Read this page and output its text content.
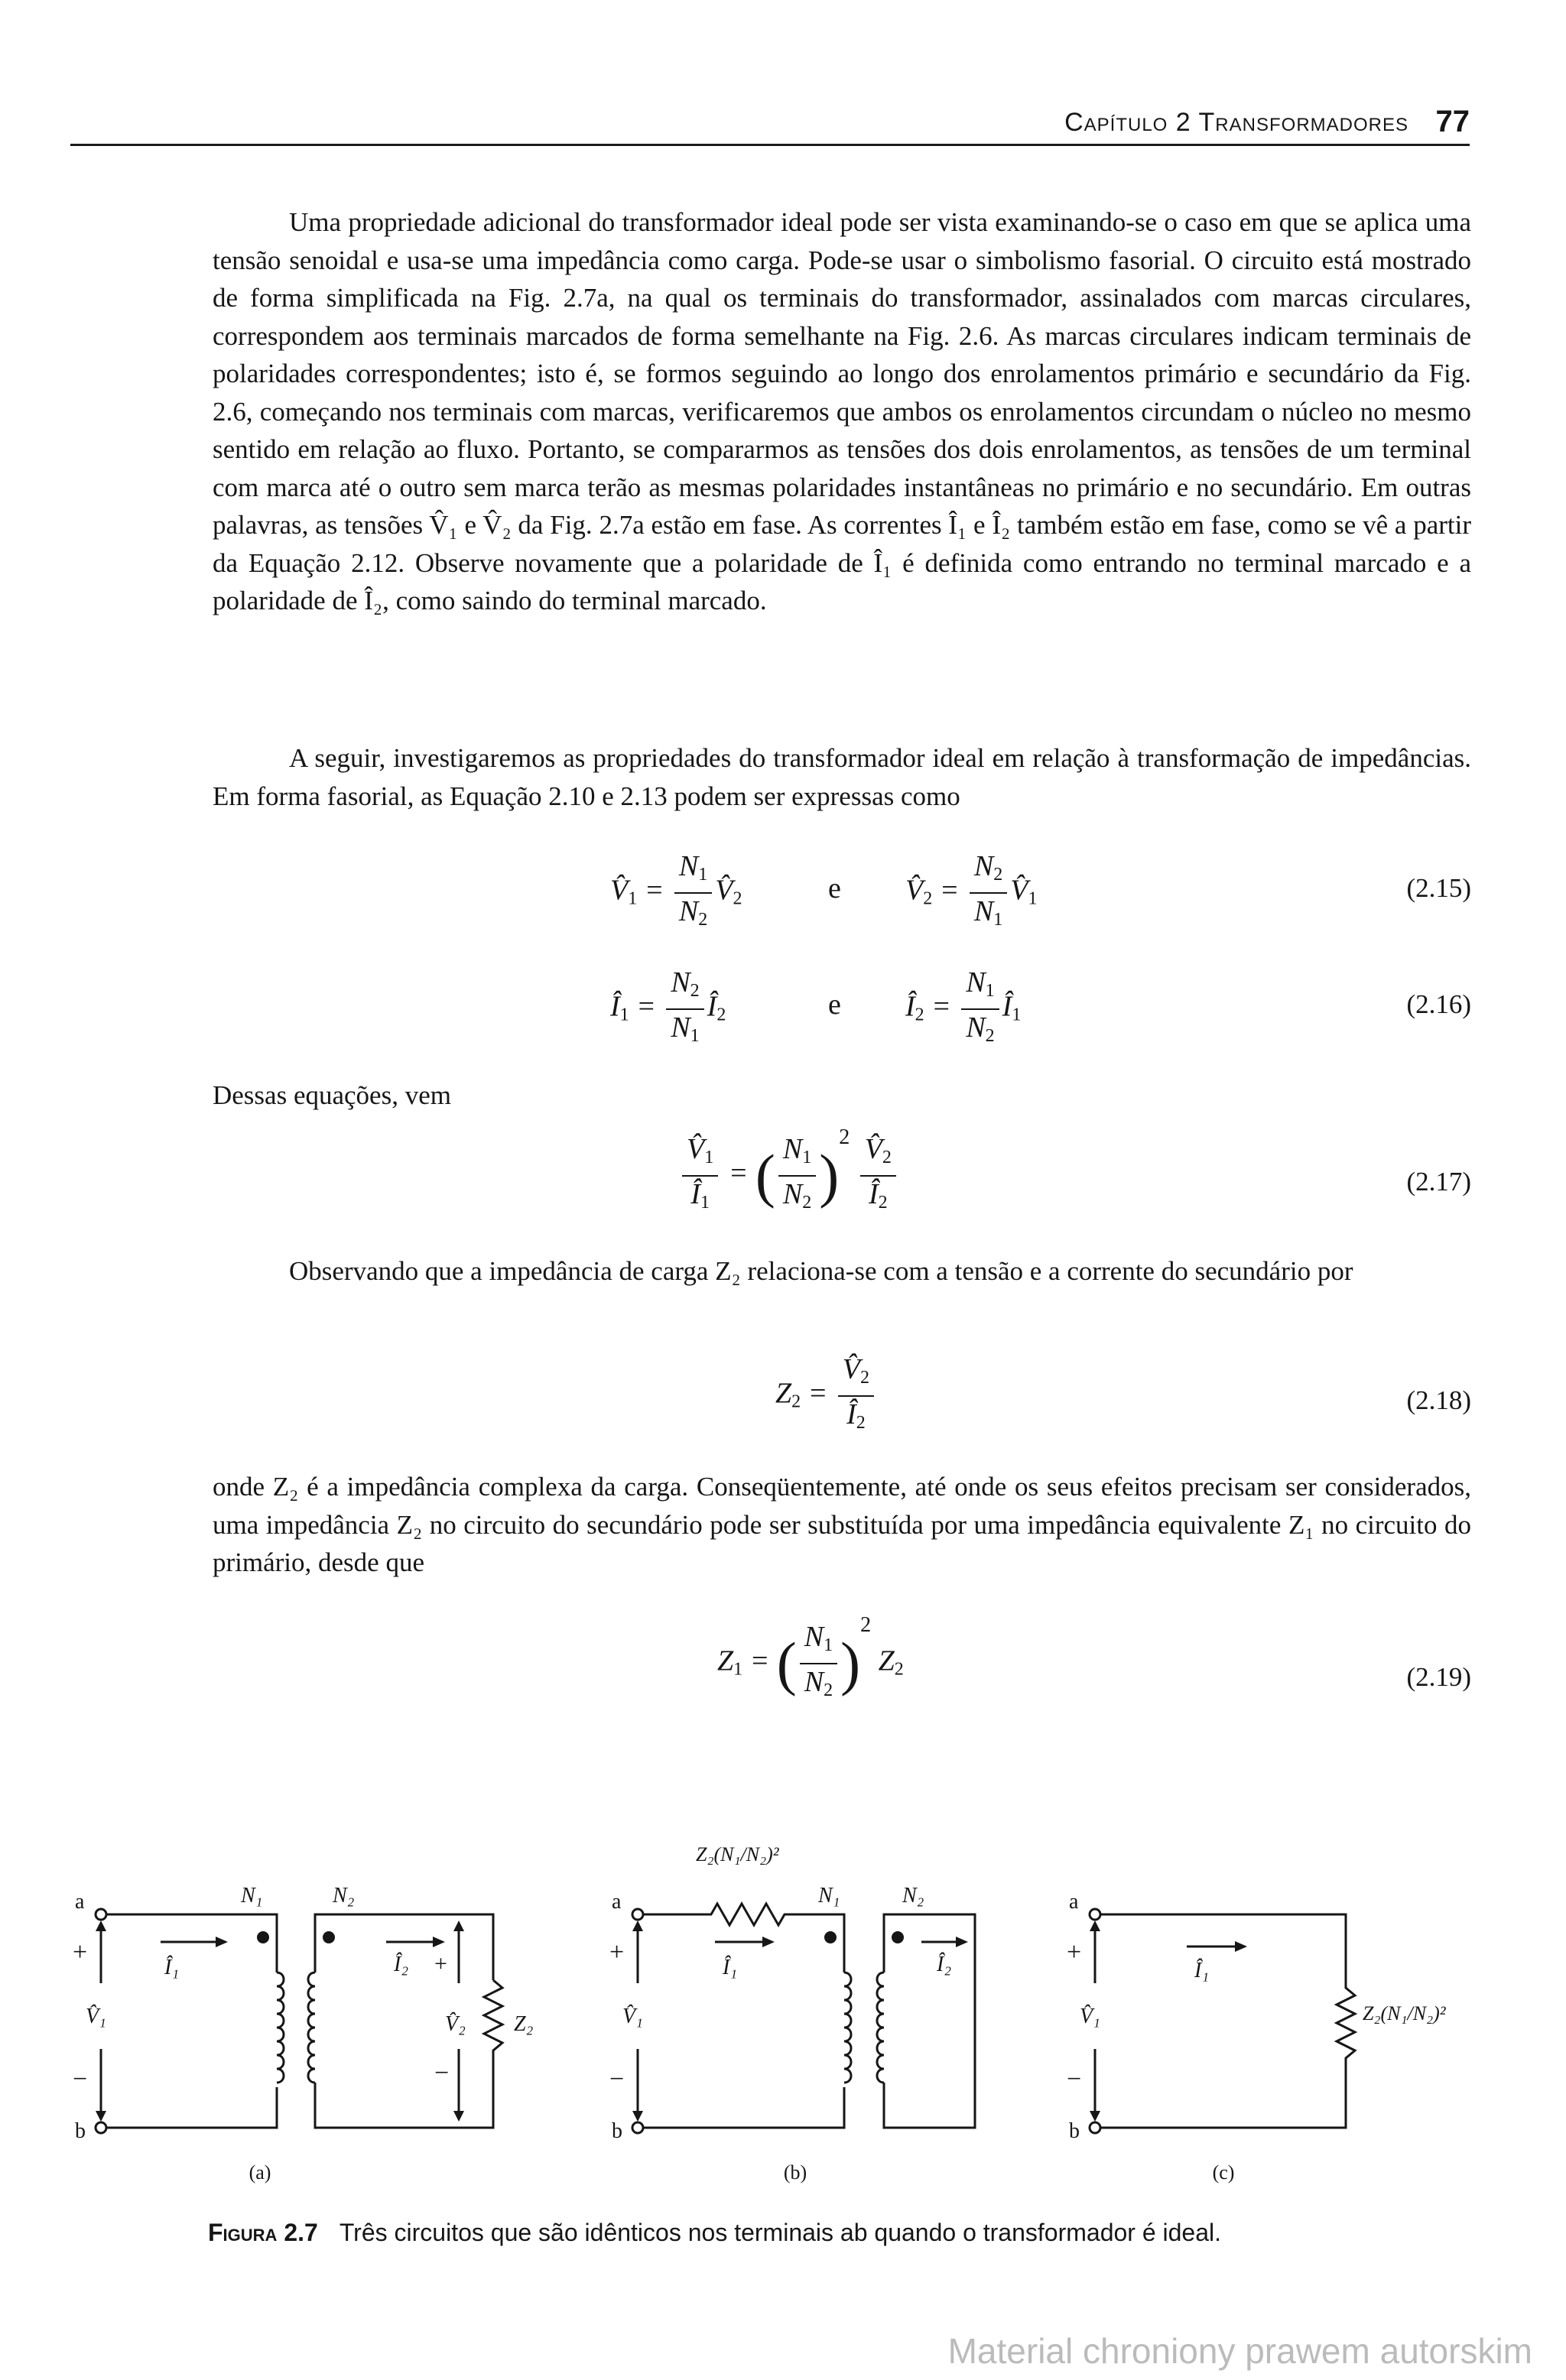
Capítulo 2 Transformadores 77

Uma propriedade adicional do transformador ideal pode ser vista examinando-se o caso em que se aplica uma tensão senoidal e usa-se uma impedância como carga. Pode-se usar o simbolismo fasorial. O circuito está mostrado de forma simplificada na Fig. 2.7a, na qual os terminais do transformador, assinalados com marcas circulares, correspondem aos terminais marcados de forma semelhante na Fig. 2.6. As marcas circulares indicam terminais de polaridades correspondentes; isto é, se formos seguindo ao longo dos enrolamentos primário e secundário da Fig. 2.6, começando nos terminais com marcas, verificaremos que ambos os enrolamentos circundam o núcleo no mesmo sentido em relação ao fluxo. Portanto, se compararmos as tensões dos dois enrolamentos, as tensões de um terminal com marca até o outro sem marca terão as mesmas polaridades instantâneas no primário e no secundário. Em outras palavras, as tensões V̂₁ e V̂₂ da Fig. 2.7a estão em fase. As correntes Î₁ e Î₂ também estão em fase, como se vê a partir da Equação 2.12. Observe novamente que a polaridade de Î₁ é definida como entrando no terminal marcado e a polaridade de Î₂, como saindo do terminal marcado.

A seguir, investigaremos as propriedades do transformador ideal em relação à transformação de impedâncias. Em forma fasorial, as Equação 2.10 e 2.13 podem ser expressas como

$V̂_1 = \frac{N_1}{N_2}$ $V̂_2$	e $V̂_2 = \frac{N_2}{N_1}$ $V̂_1$	(2.15)
$Î_1 = \frac{N_2}{N_1}$ $Î_2$	e $Î_2 = \frac{N_1}{N_2}$ $Î_1$	(2.16)

Dessas equações, vem

$\frac{V̂_1}{Î_1}$ = ( $\frac{N_1}{N_2} )^2 \frac{V̂_2}{Î_2}$	(2.17)

Observando que a impedância de carga Z₂ relaciona-se com a tensão e a corrente do secundário por

$Z_2 = \frac{V̂_2}{Î_2}$	(2.18)

onde Z₂ é a impedância complexa da carga. Conseqüentemente, até onde os seus efeitos precisam ser considerados, uma impedância Z₂ no circuito do secundário pode ser substituída por uma impedância equivalente Z₁ no circuito do primário, desde que

$Z_1$ = ( $\frac{N_1}{N_2} )^2$ $Z_2$	(2.19)
a
b
+
−
V̂₁
N₁	N₂
Î₁	Î₂ +
−
V̂₂ Z₂
(a)
a
b
+
−
V̂₁
Z₂(N₁/N₂)²
N₁	N₂
Î₁	Î₂
(b)
a
b
+
−
V̂₁
Î₁
Z₂(N₁/N₂)²
(c)
Figura 2.7 Três circuitos que são idênticos nos terminais ab quando o transformador é ideal.
Material chroniony prawem autorskim
